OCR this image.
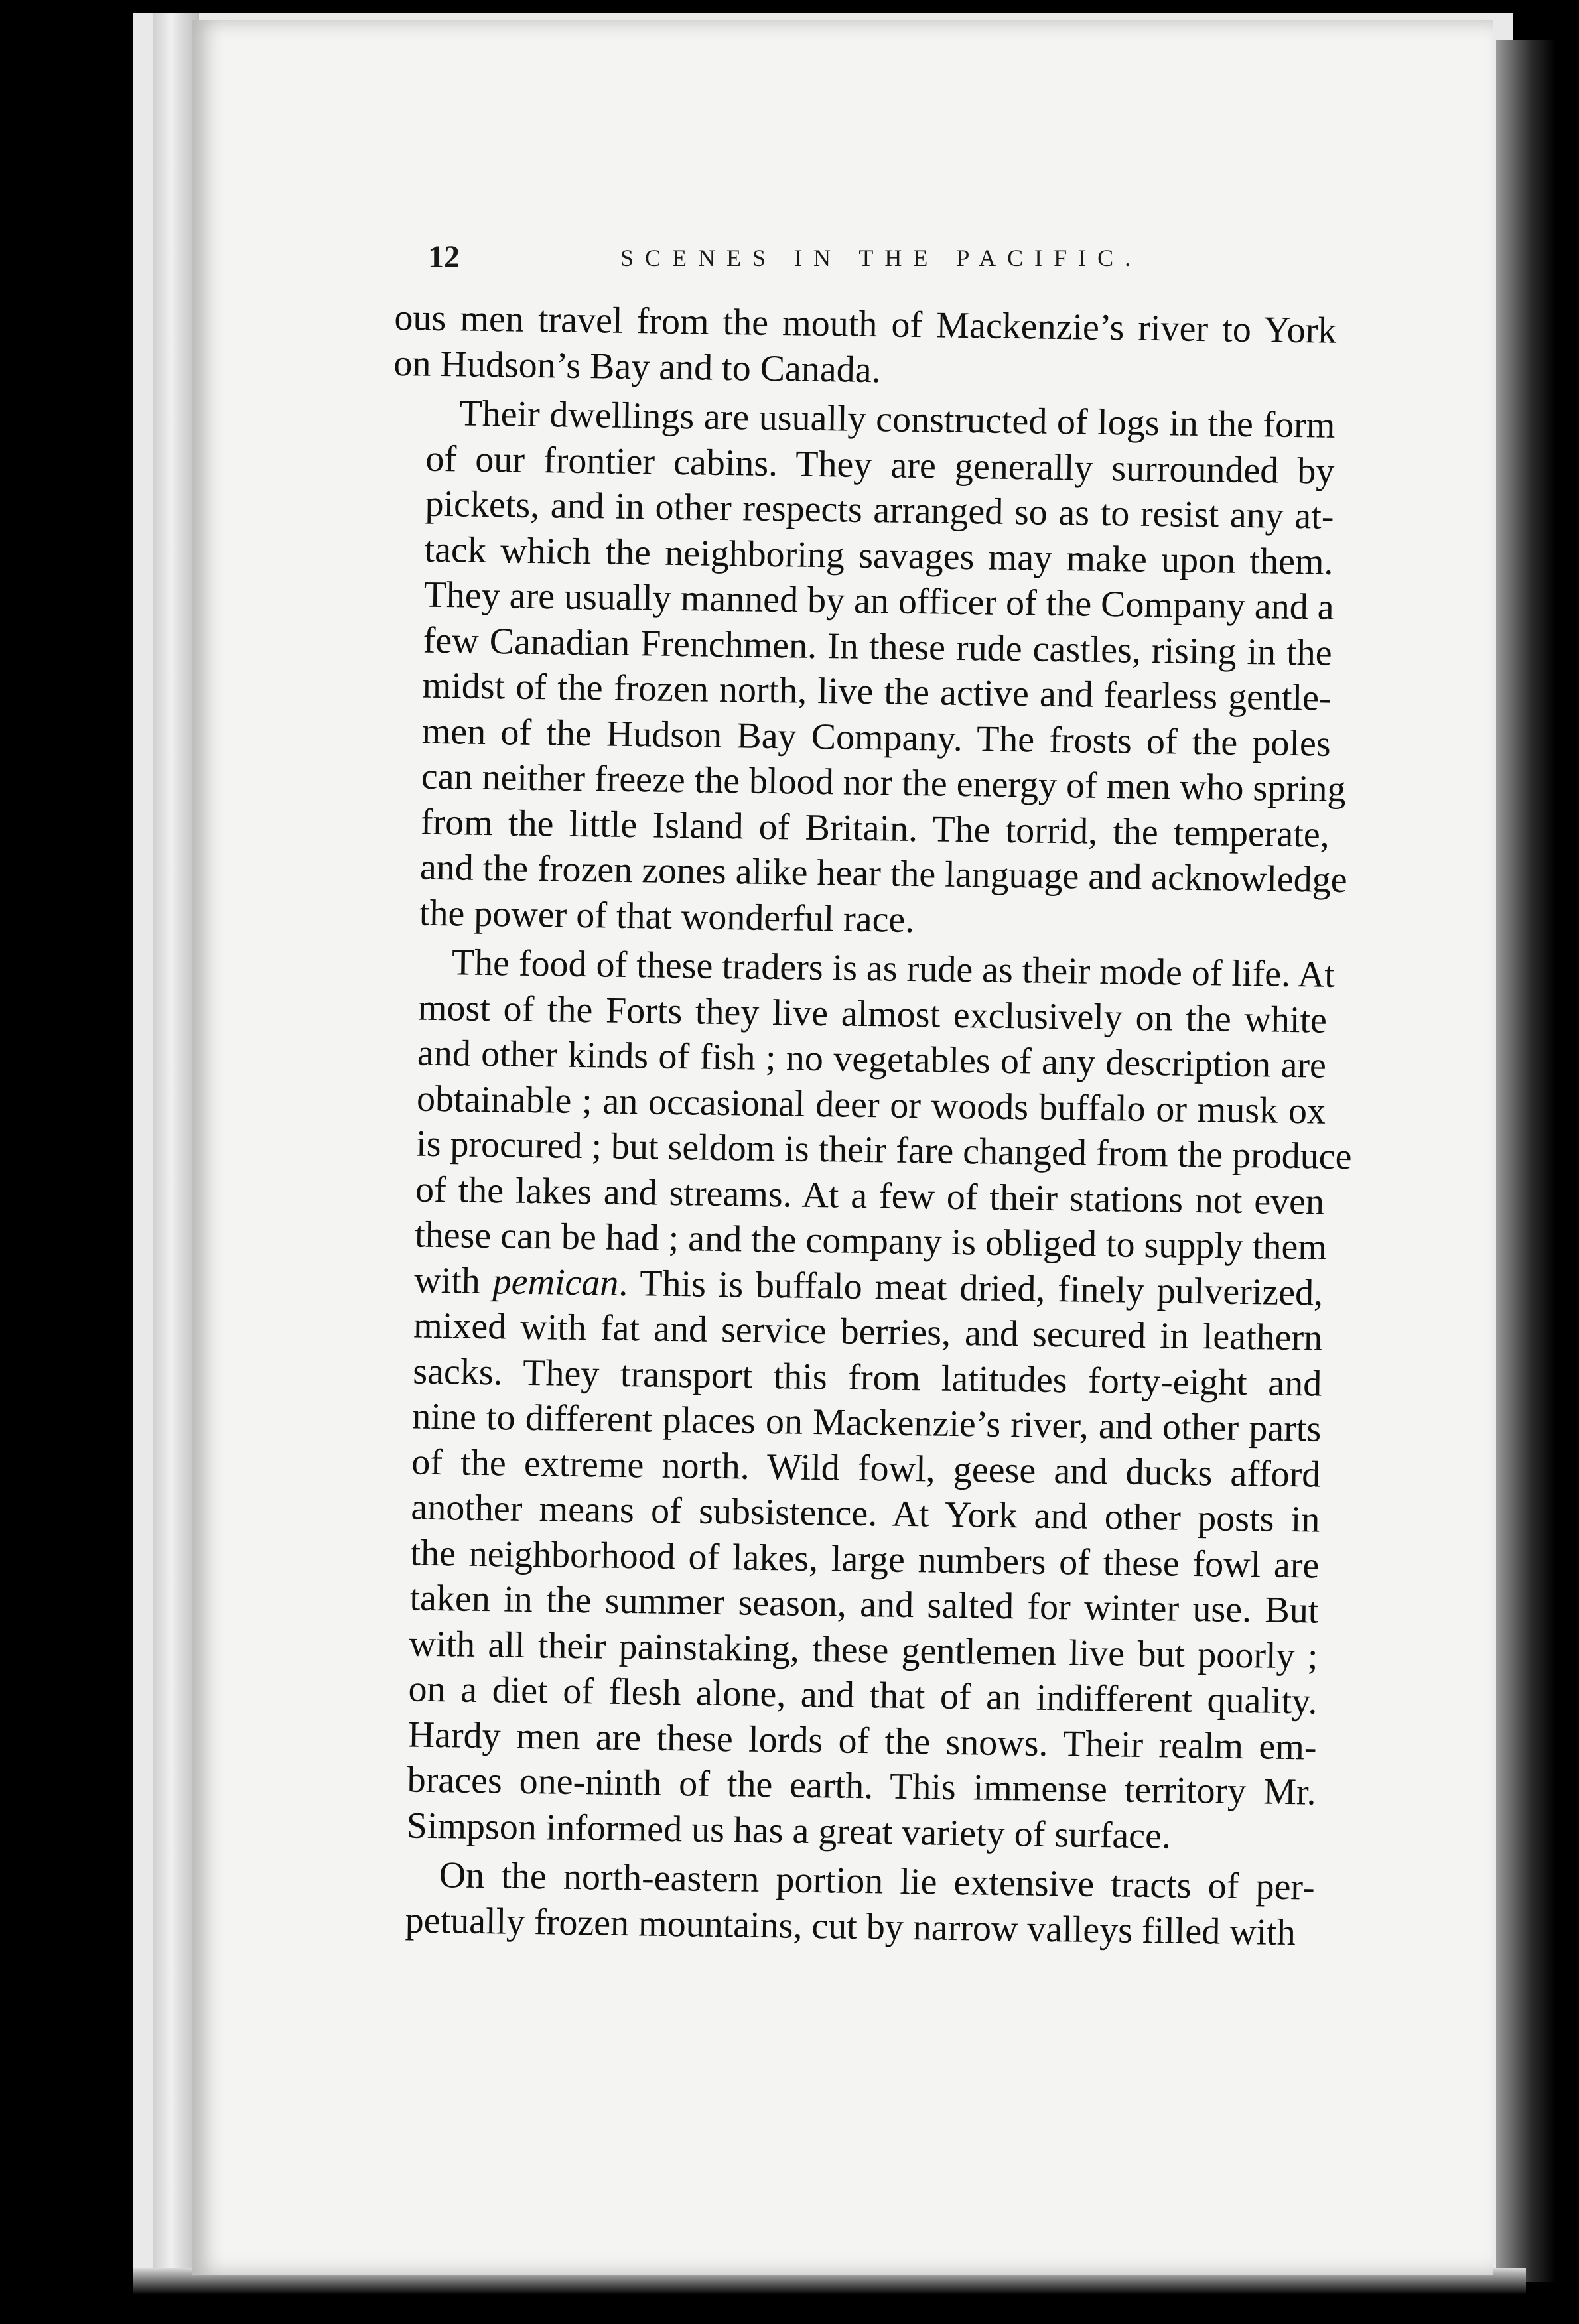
12	SCENES IN THE PACIFIC.

ous men travel from the mouth of Mackenzie’s river to York
on Hudson’s Bay and to Canada.

Their dwellings are usually constructed of logs in the form
of our frontier cabins. They are generally surrounded by
pickets, and in other respects arranged so as to resist any at-
tack which the neighboring savages may make upon them.
They are usually manned by an officer of the Company and a
few Canadian Frenchmen. In these rude castles, rising in the
midst of the frozen north, live the active and fearless gentle-
men of the Hudson Bay Company. The frosts of the poles
can neither freeze the blood nor the energy of men who spring
from the little Island of Britain. The torrid, the temperate,
and the frozen zones alike hear the language and acknowledge
the power of that wonderful race.

The food of these traders is as rude as their mode of life. At
most of the Forts they live almost exclusively on the white
and other kinds of fish ; no vegetables of any description are
obtainable ; an occasional deer or woods buffalo or musk ox
is procured ; but seldom is their fare changed from the produce
of the lakes and streams. At a few of their stations not even
these can be had ; and the company is obliged to supply them
with pemican. This is buffalo meat dried, finely pulverized,
mixed with fat and service berries, and secured in leathern
sacks. They transport this from latitudes forty-eight and
nine to different places on Mackenzie’s river, and other parts
of the extreme north. Wild fowl, geese and ducks afford
another means of subsistence. At York and other posts in
the neighborhood of lakes, large numbers of these fowl are
taken in the summer season, and salted for winter use. But
with all their painstaking, these gentlemen live but poorly ;
on a diet of flesh alone, and that of an indifferent quality.
Hardy men are these lords of the snows. Their realm em-
braces one-ninth of the earth. This immense territory Mr.
Simpson informed us has a great variety of surface.

On the north-eastern portion lie extensive tracts of per-
petually frozen mountains, cut by narrow valleys filled with
